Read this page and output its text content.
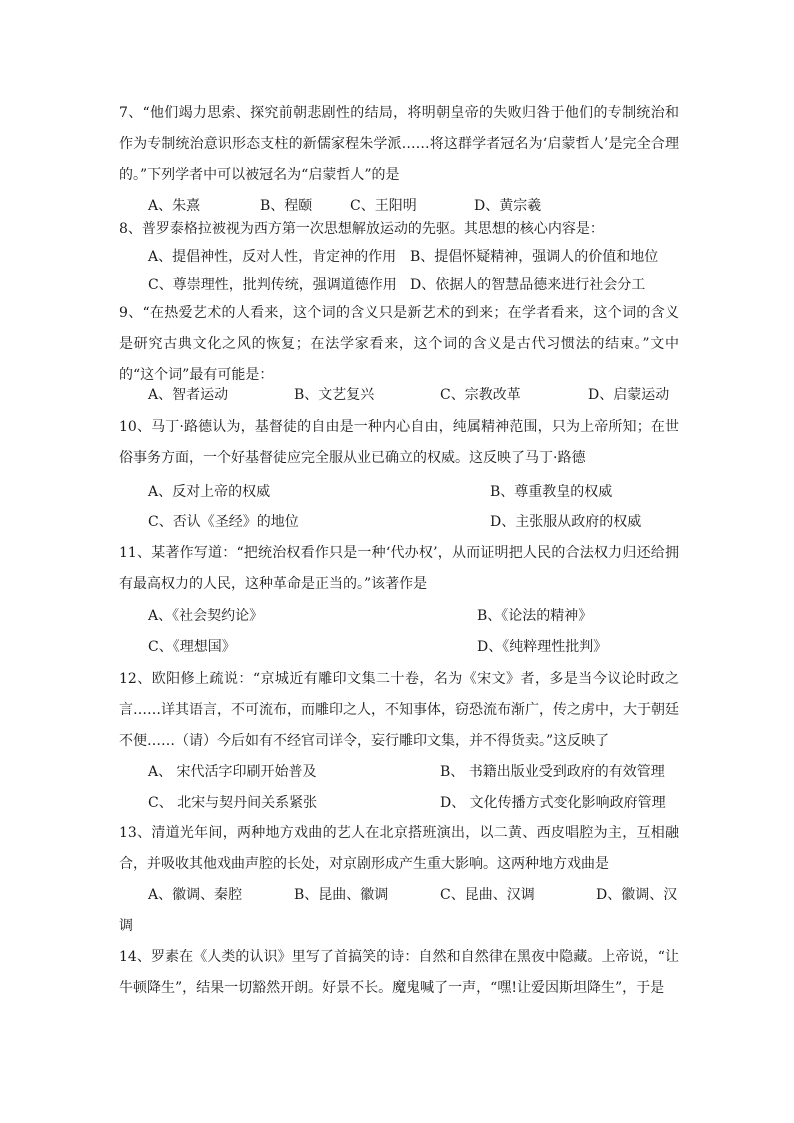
7、“他们竭力思索、探究前朝悲剧性的结局，将明朝皇帝的失败归咎于他们的专制统治和作为专制统治意识形态支柱的新儒家程朱学派……将这群学者冠名为‘启蒙哲人’是完全合理的。”下列学者中可以被冠名为“启蒙哲人”的是

A、朱熹	B、程颐	C、王阳明	D、黄宗羲

8、普罗泰格拉被视为西方第一次思想解放运动的先驱。其思想的核心内容是：

A、提倡神性，反对人性，肯定神的作用 B、提倡怀疑精神，强调人的价值和地位
C、尊崇理性，批判传统，强调道德作用 D、依据人的智慧品德来进行社会分工

9、“在热爱艺术的人看来，这个词的含义只是新艺术的到来；在学者看来，这个词的含义是研究古典文化之风的恢复；在法学家看来，这个词的含义是古代习惯法的结束。”文中的“这个词”最有可能是：

A、智者运动	B、文艺复兴	C、宗教改革	D、启蒙运动

10、马丁·路德认为，基督徒的自由是一种内心自由，纯属精神范围，只为上帝所知；在世俗事务方面，一个好基督徒应完全服从业已确立的权威。这反映了马丁·路德

A、反对上帝的权威	B、尊重教皇的权威
C、否认《圣经》的地位	D、主张服从政府的权威

11、某著作写道：“把统治权看作只是一种‘代办权’，从而证明把人民的合法权力归还给拥有最高权力的人民，这种革命是正当的。”该著作是

A、《社会契约论》	B、《论法的精神》
C、《理想国》	D、《纯粹理性批判》

12、欧阳修上疏说：“京城近有雕印文集二十卷，名为《宋文》者，多是当今议论时政之言……详其语言，不可流布，而雕印之人，不知事体，窃恐流布渐广，传之虏中，大于朝廷不便……（请）今后如有不经官司详令，妄行雕印文集，并不得货卖。”这反映了

A、 宋代活字印刷开始普及	B、 书籍出版业受到政府的有效管理
C、 北宋与契丹间关系紧张	D、 文化传播方式变化影响政府管理

13、清道光年间，两种地方戏曲的艺人在北京搭班演出，以二黄、西皮唱腔为主，互相融合，并吸收其他戏曲声腔的长处，对京剧形成产生重大影响。这两种地方戏曲是

A、徽调、秦腔	B、昆曲、徽调	C、昆曲、汉调	D、徽调、汉
调

14、罗素在《人类的认识》里写了首搞笑的诗：自然和自然律在黑夜中隐藏。上帝说，“让牛顿降生”，结果一切豁然开朗。好景不长。魔鬼喊了一声，“嘿!让爱因斯坦降生”，于是
